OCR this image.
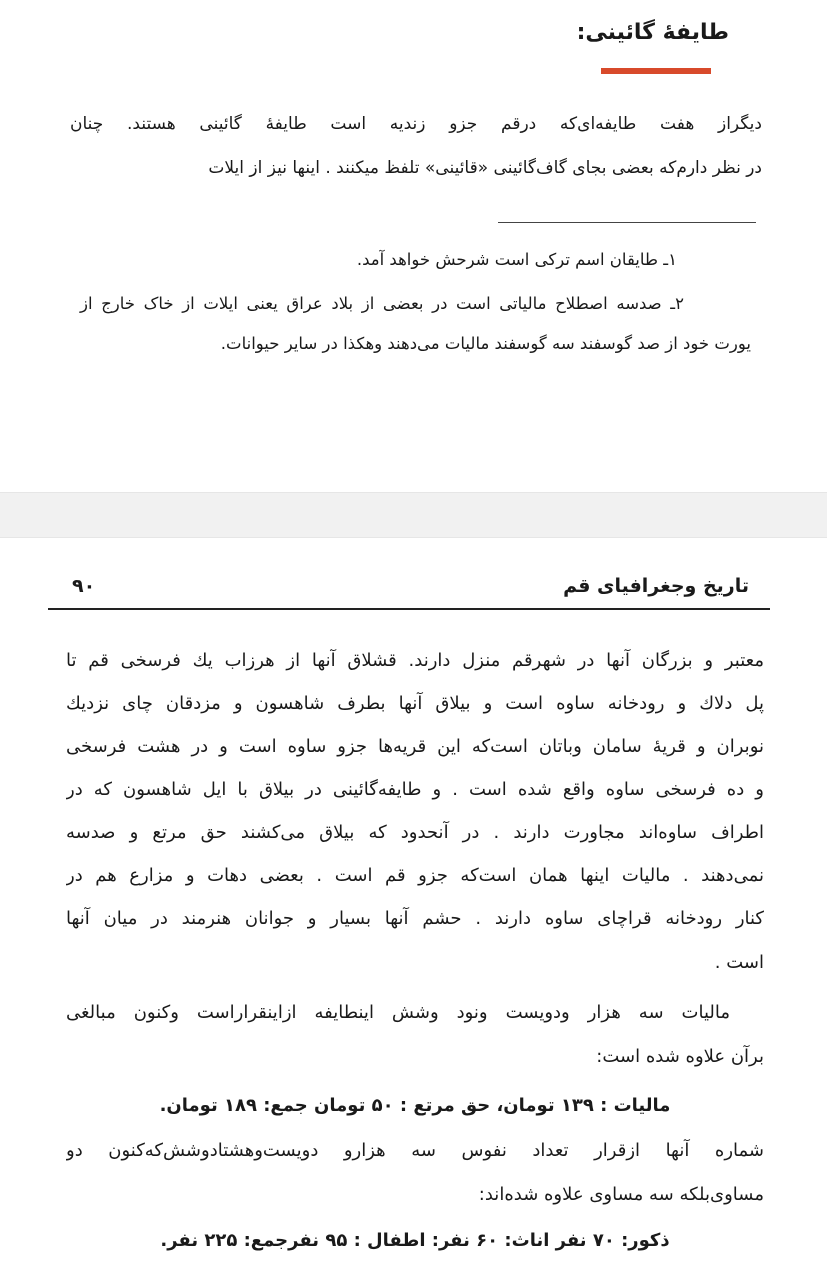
طایفهٔ گائینی:
دیگراز هفت طایفه‌ای‌که درقم جزو زندیه است طایفهٔ گائینی هستند. چنان
در نظر دارم‌که بعضی بجای گاف‌گائینی «قائینی» تلفظ میکنند . اینها نیز از ایلات
۱ـ طایقان اسم ترکی است شرحش خواهد آمد.
۲ـ صدسه اصطلاح مالیاتی است در بعضی از بلاد عراق یعنی ایلات از خاک خارج از
یورت خود از صد گوسفند سه گوسفند مالیات می‌دهند وهکذا در سایر حیوانات.
تاریخ وجغرافیای قم
۹۰
معتبر و بزرگان آنها در شهرقم منزل دارند. قشلاق آنها از هرزاب یك فرسخی قم تا
پل دلاك و رودخانه ساوه است و بیلاق آنها بطرف شاهسون و مزدقان چای نزدیك
نوبران و قریهٔ سامان وباتان است‌که این قریه‌ها جزو ساوه است و در هشت فرسخی
و ده فرسخی ساوه واقع شده است . و طایفه‌گائینی در بیلاق با ایل شاهسون که در
اطراف ساوه‌اند مجاورت دارند . در آنحدود که بیلاق می‌کشند حق مرتع و صدسه
نمی‌دهند . مالیات اینها همان است‌که جزو قم است . بعضی دهات و مزارع هم در
کنار رودخانه قراچای ساوه دارند . حشم آنها بسیار و جوانان هنرمند در میان آنها
است .
مالیات سه هزار ودویست ونود وشش اینطایفه ازاینقراراست وکنون مبالغی
برآن علاوه شده است:
مالیات : ۱۳۹ تومان، حق مرتع : ۵۰ تومان جمع: ۱۸۹ تومان.
شماره آنها ازقرار تعداد نفوس سه هزارو دویست‌وهشتادوشش‌که‌کنون دو
مساوی‌بلکه سه مساوی علاوه شده‌اند:
ذکور: ۷۰ نفر اناث: ۶۰ نفر: اطفال : ۹۵ نفرجمع: ۲۲۵ نفر.
